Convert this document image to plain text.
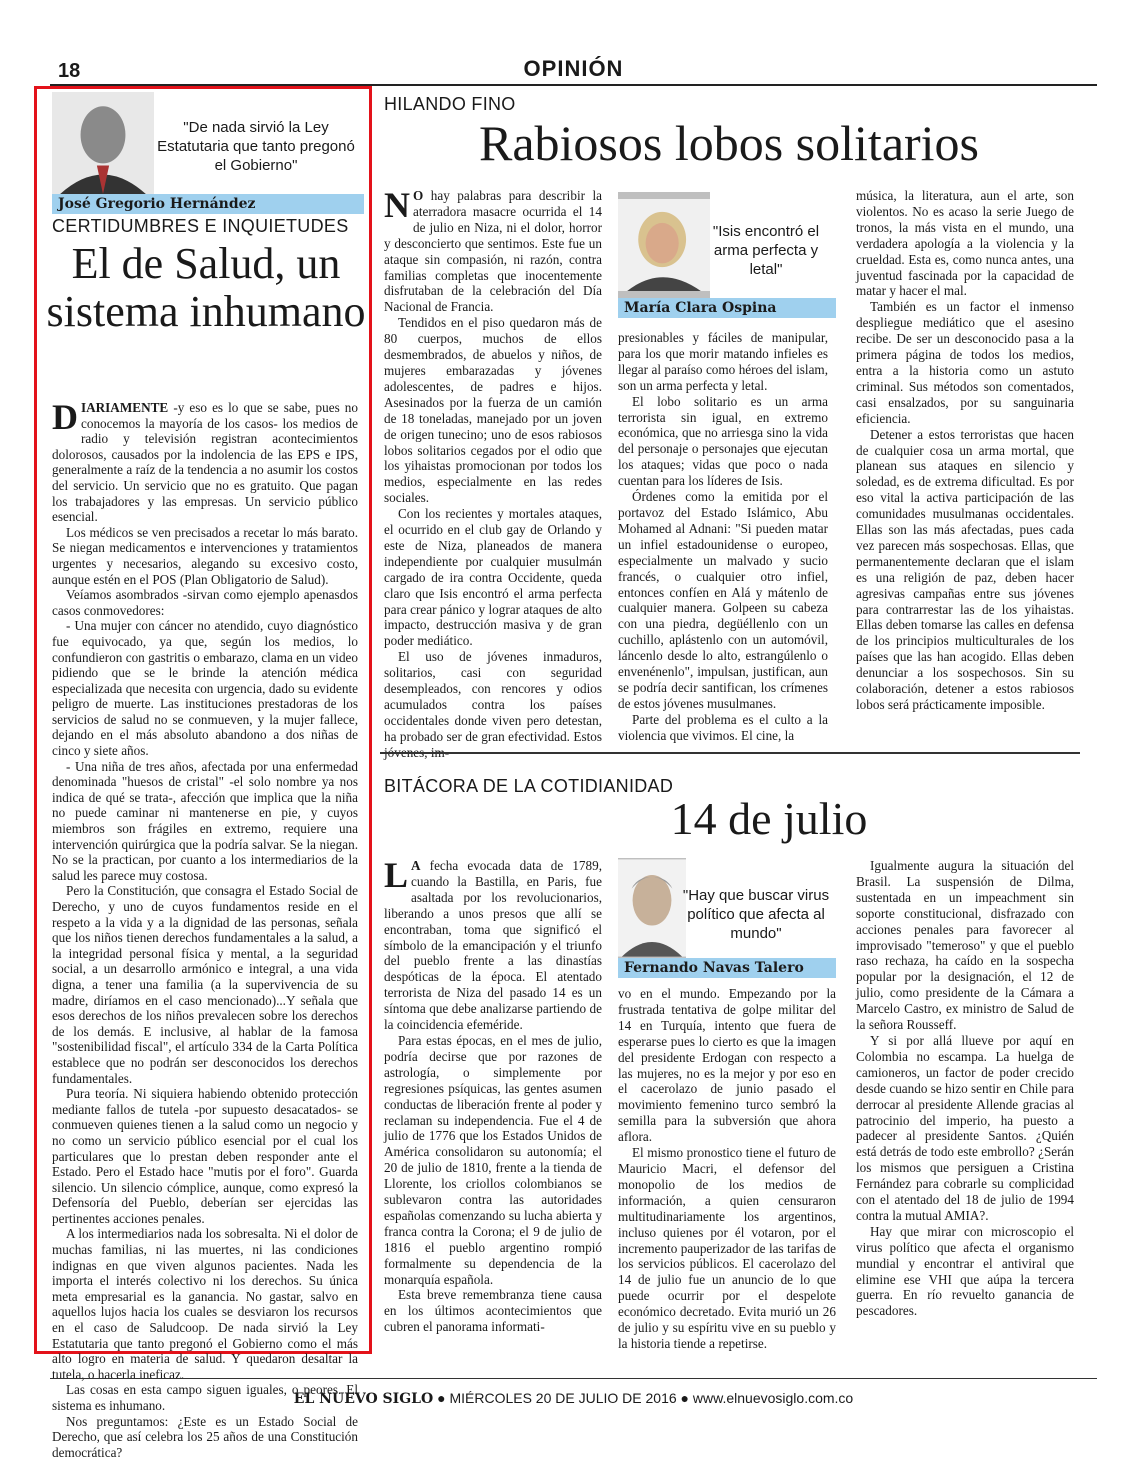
18	OPINIÓN
"De nada sirvió la Ley Estatutaria que tanto pregonó el Gobierno"
José Gregorio Hernández
CERTIDUMBRES E INQUIETUDES
El de Salud, un sistema inhumano

DIARIAMENTE -y eso es lo que se sabe, pues no conocemos la mayoría de los casos- los medios de radio y televisión registran acontecimientos dolorosos, causados por la indolencia de las EPS e IPS, generalmente a raíz de la tendencia a no asumir los costos del servicio. Un servicio que no es gratuito. Que pagan los trabajadores y las empresas. Un servicio público esencial.

Los médicos se ven precisados a recetar lo más barato. Se niegan medicamentos e intervenciones y tratamientos urgentes y necesarios, alegando su excesivo costo, aunque estén en el POS (Plan Obligatorio de Salud).

Veíamos asombrados -sirvan como ejemplo apenasdos casos conmovedores:

- Una mujer con cáncer no atendido, cuyo diagnóstico fue equivocado, ya que, según los medios, lo confundieron con gastritis o embarazo, clama en un video pidiendo que se le brinde la atención médica especializada que necesita con urgencia, dado su evidente peligro de muerte. Las instituciones prestadoras de los servicios de salud no se conmueven, y la mujer fallece, dejando en el más absoluto abandono a dos niñas de cinco y siete años.

- Una niña de tres años, afectada por una enfermedad denominada "huesos de cristal" -el solo nombre ya nos indica de qué se trata-, afección que implica que la niña no puede caminar ni mantenerse en pie, y cuyos miembros son frágiles en extremo, requiere una intervención quirúrgica que la podría salvar. Se la niegan. No se la practican, por cuanto a los intermediarios de la salud les parece muy costosa.

Pero la Constitución, que consagra el Estado Social de Derecho, y uno de cuyos fundamentos reside en el respeto a la vida y a la dignidad de las personas, señala que los niños tienen derechos fundamentales a la salud, a la integridad personal física y mental, a la seguridad social, a un desarrollo armónico e integral, a una vida digna, a tener una familia (a la supervivencia de su madre, diríamos en el caso mencionado)...Y señala que esos derechos de los niños prevalecen sobre los derechos de los demás. E inclusive, al hablar de la famosa "sostenibilidad fiscal", el artículo 334 de la Carta Política establece que no podrán ser desconocidos los derechos fundamentales.

Pura teoría. Ni siquiera habiendo obtenido protección mediante fallos de tutela -por supuesto desacatados- se conmueven quienes tienen a la salud como un negocio y no como un servicio público esencial por el cual los particulares que lo prestan deben responder ante el Estado. Pero el Estado hace "mutis por el foro". Guarda silencio. Un silencio cómplice, aunque, como expresó la Defensoría del Pueblo, deberían ser ejercidas las pertinentes acciones penales.

A los intermediarios nada los sobresalta. Ni el dolor de muchas familias, ni las muertes, ni las condiciones indignas en que viven algunos pacientes. Nada les importa el interés colectivo ni los derechos. Su única meta empresarial es la ganancia. No gastar, salvo en aquellos lujos hacia los cuales se desviaron los recursos en el caso de Saludcoop. De nada sirvió la Ley Estatutaria que tanto pregonó el Gobierno como el más alto logro en materia de salud. Y quedaron desaltar la tutela, o hacerla ineficaz.

Las cosas en esta campo siguen iguales, o peores. El sistema es inhumano.

Nos preguntamos: ¿Este es un Estado Social de Derecho, que así celebra los 25 años de una Constitución democrática?

HILANDO FINO
Rabiosos lobos solitarios

N O hay palabras para describir la aterradora masacre ocurrida el 14 de julio en Niza, ni el dolor, horror y desconcierto que sentimos. Este fue un ataque sin compasión, ni razón, contra familias completas que inocentemente disfrutaban de la celebración del Día Nacional de Francia.

Tendidos en el piso quedaron más de 80 cuerpos, muchos de ellos desmembrados, de abuelos y niños, de mujeres embarazadas y jóvenes adolescentes, de padres e hijos. Asesinados por la fuerza de un camión de 18 toneladas, manejado por un joven de origen tunecino; uno de esos rabiosos lobos solitarios cegados por el odio que los yihaistas promocionan por todos los medios, especialmente en las redes sociales.

Con los recientes y mortales ataques, el ocurrido en el club gay de Orlando y este de Niza, planeados de manera independiente por cualquier musulmán cargado de ira contra Occidente, queda claro que Isis encontró el arma perfecta para crear pánico y lograr ataques de alto impacto, destrucción masiva y de gran poder mediático.

El uso de jóvenes inmaduros, solitarios, casi con seguridad desempleados, con rencores y odios acumulados contra los países occidentales donde viven pero detestan, ha probado ser de gran efectividad. Estos jóvenes, im-

"Isis encontró el arma perfecta y letal"
María Clara Ospina

presionables y fáciles de manipular, para los que morir matando infieles es llegar al paraíso como héroes del islam, son un arma perfecta y letal.

El lobo solitario es un arma terrorista sin igual, en extremo económica, que no arriesga sino la vida del personaje o personajes que ejecutan los ataques; vidas que poco o nada cuentan para los líderes de Isis.

Órdenes como la emitida por el portavoz del Estado Islámico, Abu Mohamed al Adnani: "Si pueden matar un infiel estadounidense o europeo, especialmente un malvado y sucio francés, o cualquier otro infiel, entonces confíen en Alá y mátenlo de cualquier manera. Golpeen su cabeza con una piedra, degüéllenlo con un cuchillo, aplástenlo con un automóvil, láncenlo desde lo alto, estrangúlenlo o envenénenlo", impulsan, justifican, aun se podría decir santifican, los crímenes de estos jóvenes musulmanes.

Parte del problema es el culto a la violencia que vivimos. El cine, la

música, la literatura, aun el arte, son violentos. No es acaso la serie Juego de tronos, la más vista en el mundo, una verdadera apología a la violencia y la crueldad. Esta es, como nunca antes, una juventud fascinada por la capacidad de matar y hacer el mal.

También es un factor el inmenso despliegue mediático que el asesino recibe. De ser un desconocido pasa a la primera página de todos los medios, entra a la historia como un astuto criminal. Sus métodos son comentados, casi ensalzados, por su sanguinaria eficiencia.

Detener a estos terroristas que hacen de cualquier cosa un arma mortal, que planean sus ataques en silencio y soledad, es de extrema dificultad. Es por eso vital la activa participación de las comunidades musulmanas occidentales. Ellas son las más afectadas, pues cada vez parecen más sospechosas. Ellas, que permanentemente declaran que el islam es una religión de paz, deben hacer agresivas campañas entre sus jóvenes para contrarrestar las de los yihaistas. Ellas deben tomarse las calles en defensa de los principios multiculturales de los países que las han acogido. Ellas deben denunciar a los sospechosos. Sin su colaboración, detener a estos rabiosos lobos será prácticamente imposible.

BITÁCORA DE LA COTIDIANIDAD
14 de julio

L A fecha evocada data de 1789, cuando la Bastilla, en Paris, fue asaltada por los revolucionarios, liberando a unos presos que allí se encontraban, toma que significó el símbolo de la emancipación y el triunfo del pueblo frente a las dinastías despóticas de la época. El atentado terrorista de Niza del pasado 14 es un síntoma que debe analizarse partiendo de la coincidencia efeméride.

Para estas épocas, en el mes de julio, podría decirse que por razones de astrología, o simplemente por regresiones psíquicas, las gentes asumen conductas de liberación frente al poder y reclaman su independencia. Fue el 4 de julio de 1776 que los Estados Unidos de América consolidaron su autonomía; el 20 de julio de 1810, frente a la tienda de Llorente, los criollos colombianos se sublevaron contra las autoridades españolas comenzando su lucha abierta y franca contra la Corona; el 9 de julio de 1816 el pueblo argentino rompió formalmente su dependencia de la monarquía española.

Esta breve remembranza tiene causa en los últimos acontecimientos que cubren el panorama informati-

"Hay que buscar virus político que afecta al mundo"
Fernando Navas Talero

vo en el mundo. Empezando por la frustrada tentativa de golpe militar del 14 en Turquía, intento que fuera de esperarse pues lo cierto es que la imagen del presidente Erdogan con respecto a las mujeres, no es la mejor y por eso en el cacerolazo de junio pasado el movimiento femenino turco sembró la semilla para la subversión que ahora aflora.

El mismo pronostico tiene el futuro de Mauricio Macri, el defensor del monopolio de los medios de información, a quien censuraron multitudinariamente los argentinos, incluso quienes por él votaron, por el incremento pauperizador de las tarifas de los servicios públicos. El cacerolazo del 14 de julio fue un anuncio de lo que puede ocurrir por el despelote económico decretado. Evita murió un 26 de julio y su espíritu vive en su pueblo y la historia tiende a repetirse.

Igualmente augura la situación del Brasil. La suspensión de Dilma, sustentada en un impeachment sin soporte constitucional, disfrazado con acciones penales para favorecer al improvisado "temeroso" y que el pueblo raso rechaza, ha caído en la sospecha popular por la designación, el 12 de julio, como presidente de la Cámara a Marcelo Castro, ex ministro de Salud de la señora Rousseff.

Y si por allá llueve por aquí en Colombia no escampa. La huelga de camioneros, un factor de poder crecido desde cuando se hizo sentir en Chile para derrocar al presidente Allende gracias al patrocinio del imperio, ha puesto a padecer al presidente Santos. ¿Quién está detrás de todo este embrollo? ¿Serán los mismos que persiguen a Cristina Fernández para cobrarle su complicidad con el atentado del 18 de julio de 1994 contra la mutual AMIA?.

Hay que mirar con microscopio el virus político que afecta el organismo mundial y encontrar el antiviral que elimine ese VHI que aúpa la tercera guerra. En río revuelto ganancia de pescadores.

EL NUEVO SIGLO ● MIÉRCOLES 20 DE JULIO DE 2016 ● www.elnuevosiglo.com.co
